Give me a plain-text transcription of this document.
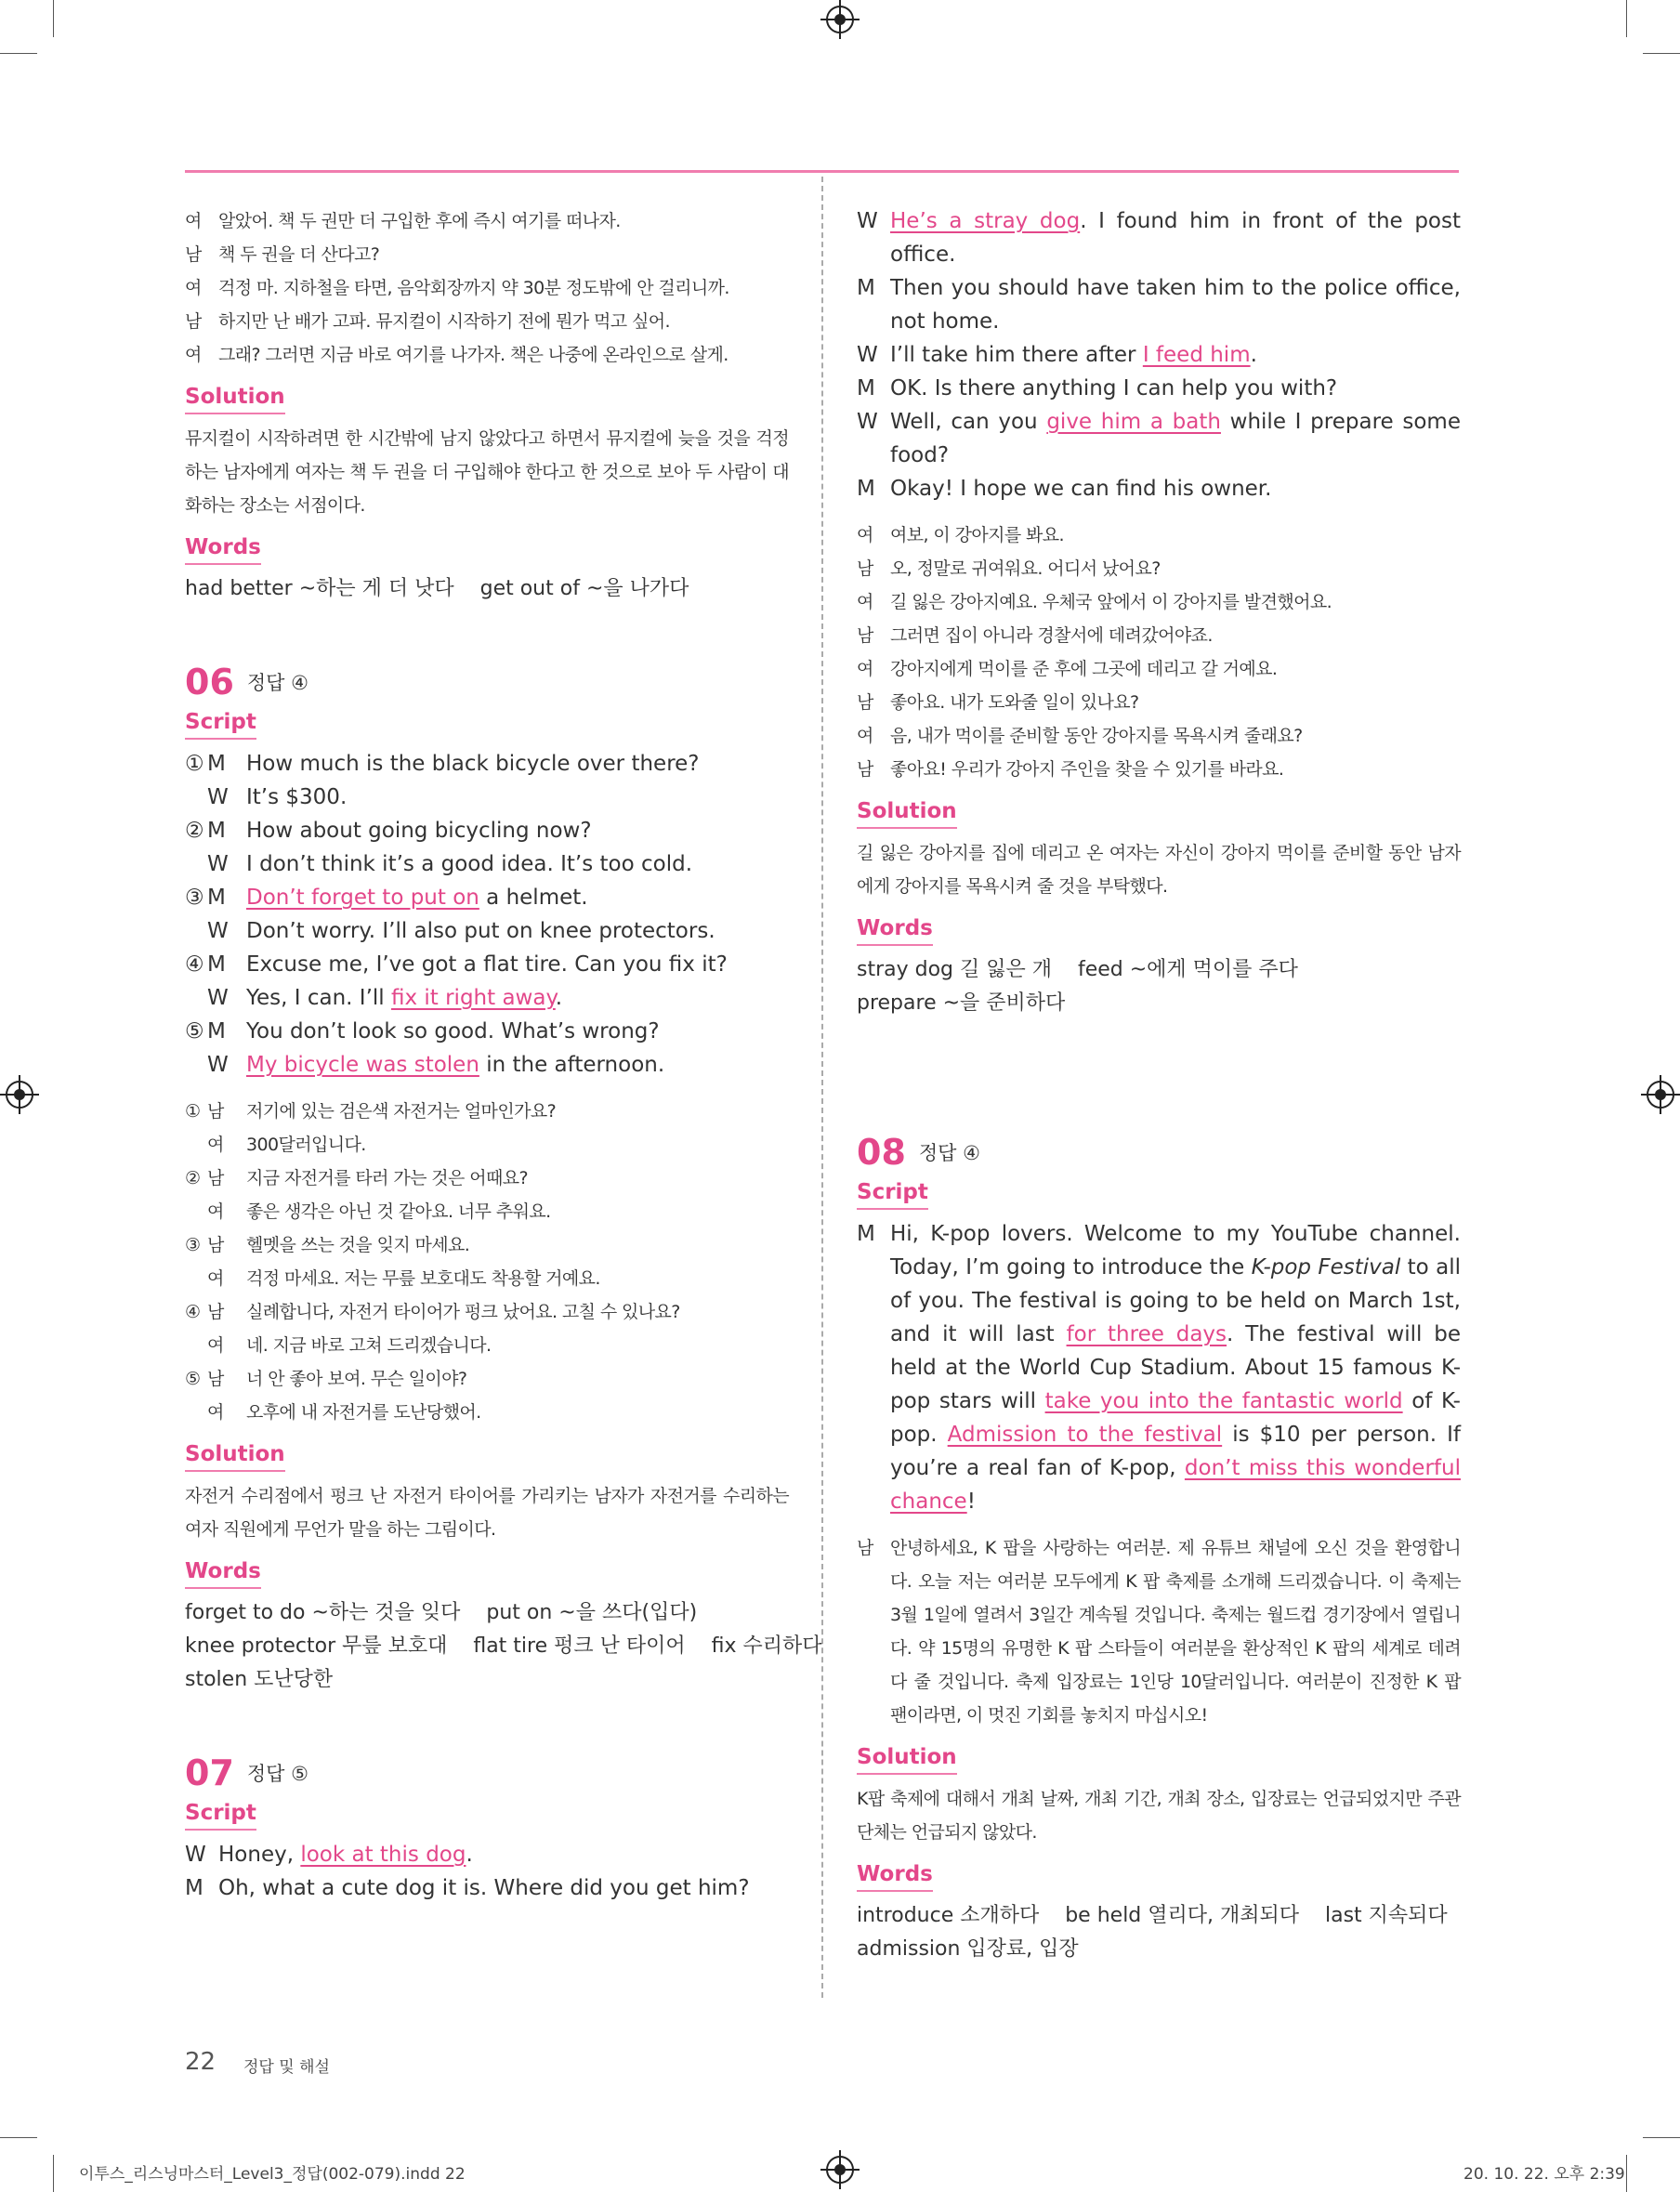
여 알았어. 책 두 권만 더 구입한 후에 즉시 여기를 떠나자.
남 책 두 권을 더 산다고?
여 걱정 마. 지하철을 타면, 음악회장까지 약 30분 정도밖에 안 걸리니까.
남 하지만 난 배가 고파. 뮤지컬이 시작하기 전에 뭔가 먹고 싶어.
여 그래? 그러면 지금 바로 여기를 나가자. 책은 나중에 온라인으로 살게.
Solution
뮤지컬이 시작하려면 한 시간밖에 남지 않았다고 하면서 뮤지컬에 늦을 것을 걱정하는 남자에게 여자는 책 두 권을 더 구입해야 한다고 한 것으로 보아 두 사람이 대화하는 장소는 서점이다.
Words
had better ~하는 게 더 낫다    get out of ~을 나가다
06 정답 ④
Script
① M How much is the black bicycle over there?
W It’s $300.
② M How about going bicycling now?
W I don’t think it’s a good idea. It’s too cold.
③ M Don’t forget to put on a helmet.
W Don’t worry. I’ll also put on knee protectors.
④ M Excuse me, I’ve got a flat tire. Can you fix it?
W Yes, I can. I’ll fix it right away.
⑤ M You don’t look so good. What’s wrong?
W My bicycle was stolen in the afternoon.
① 남 저기에 있는 검은색 자전거는 얼마인가요?
여 300달러입니다.
② 남 지금 자전거를 타러 가는 것은 어때요?
여 좋은 생각은 아닌 것 같아요. 너무 추워요.
③ 남 헬멧을 쓰는 것을 잊지 마세요.
여 걱정 마세요. 저는 무릎 보호대도 착용할 거예요.
④ 남 실례합니다, 자전거 타이어가 펑크 났어요. 고칠 수 있나요?
여 네. 지금 바로 고쳐 드리겠습니다.
⑤ 남 너 안 좋아 보여. 무슨 일이야?
여 오후에 내 자전거를 도난당했어.
Solution
자전거 수리점에서 펑크 난 자전거 타이어를 가리키는 남자가 자전거를 수리하는 여자 직원에게 무언가 말을 하는 그림이다.
Words
forget to do ~하는 것을 잊다    put on ~을 쓰다(입다)
knee protector 무릎 보호대    flat tire 펑크 난 타이어    fix 수리하다
stolen 도난당한
07 정답 ⑤
Script
W Honey, look at this dog.
M Oh, what a cute dog it is. Where did you get him?
W He’s a stray dog. I found him in front of the post office.
M Then you should have taken him to the police office, not home.
W I’ll take him there after I feed him.
M OK. Is there anything I can help you with?
W Well, can you give him a bath while I prepare some food?
M Okay! I hope we can find his owner.
여 여보, 이 강아지를 봐요.
남 오, 정말로 귀여워요. 어디서 났어요?
여 길 잃은 강아지예요. 우체국 앞에서 이 강아지를 발견했어요.
남 그러면 집이 아니라 경찰서에 데려갔어야죠.
여 강아지에게 먹이를 준 후에 그곳에 데리고 갈 거예요.
남 좋아요. 내가 도와줄 일이 있나요?
여 음, 내가 먹이를 준비할 동안 강아지를 목욕시켜 줄래요?
남 좋아요! 우리가 강아지 주인을 찾을 수 있기를 바라요.
Solution
길 잃은 강아지를 집에 데리고 온 여자는 자신이 강아지 먹이를 준비할 동안 남자에게 강아지를 목욕시켜 줄 것을 부탁했다.
Words
stray dog 길 잃은 개    feed ~에게 먹이를 주다
prepare ~을 준비하다
08 정답 ④
Script
M Hi, K-pop lovers. Welcome to my YouTube channel. Today, I’m going to introduce the K-pop Festival to all of you. The festival is going to be held on March 1st, and it will last for three days. The festival will be held at the World Cup Stadium. About 15 famous K-pop stars will take you into the fantastic world of K-pop. Admission to the festival is $10 per person. If you’re a real fan of K-pop, don’t miss this wonderful chance!
남 안녕하세요, K 팝을 사랑하는 여러분. 제 유튜브 채널에 오신 것을 환영합니다. 오늘 저는 여러분 모두에게 K 팝 축제를 소개해 드리겠습니다. 이 축제는 3월 1일에 열려서 3일간 계속될 것입니다. 축제는 월드컵 경기장에서 열립니다. 약 15명의 유명한 K 팝 스타들이 여러분을 환상적인 K 팝의 세계로 데려다 줄 것입니다. 축제 입장료는 1인당 10달러입니다. 여러분이 진정한 K 팝 팬이라면, 이 멋진 기회를 놓치지 마십시오!
Solution
K팝 축제에 대해서 개최 날짜, 개최 기간, 개최 장소, 입장료는 언급되었지만 주관 단체는 언급되지 않았다.
Words
introduce 소개하다    be held 열리다, 개최되다    last 지속되다
admission 입장료, 입장
22 정답 및 해설
이투스_리스닝마스터_Level3_정답(002-079).indd 22	20. 10. 22. 오후 2:39
